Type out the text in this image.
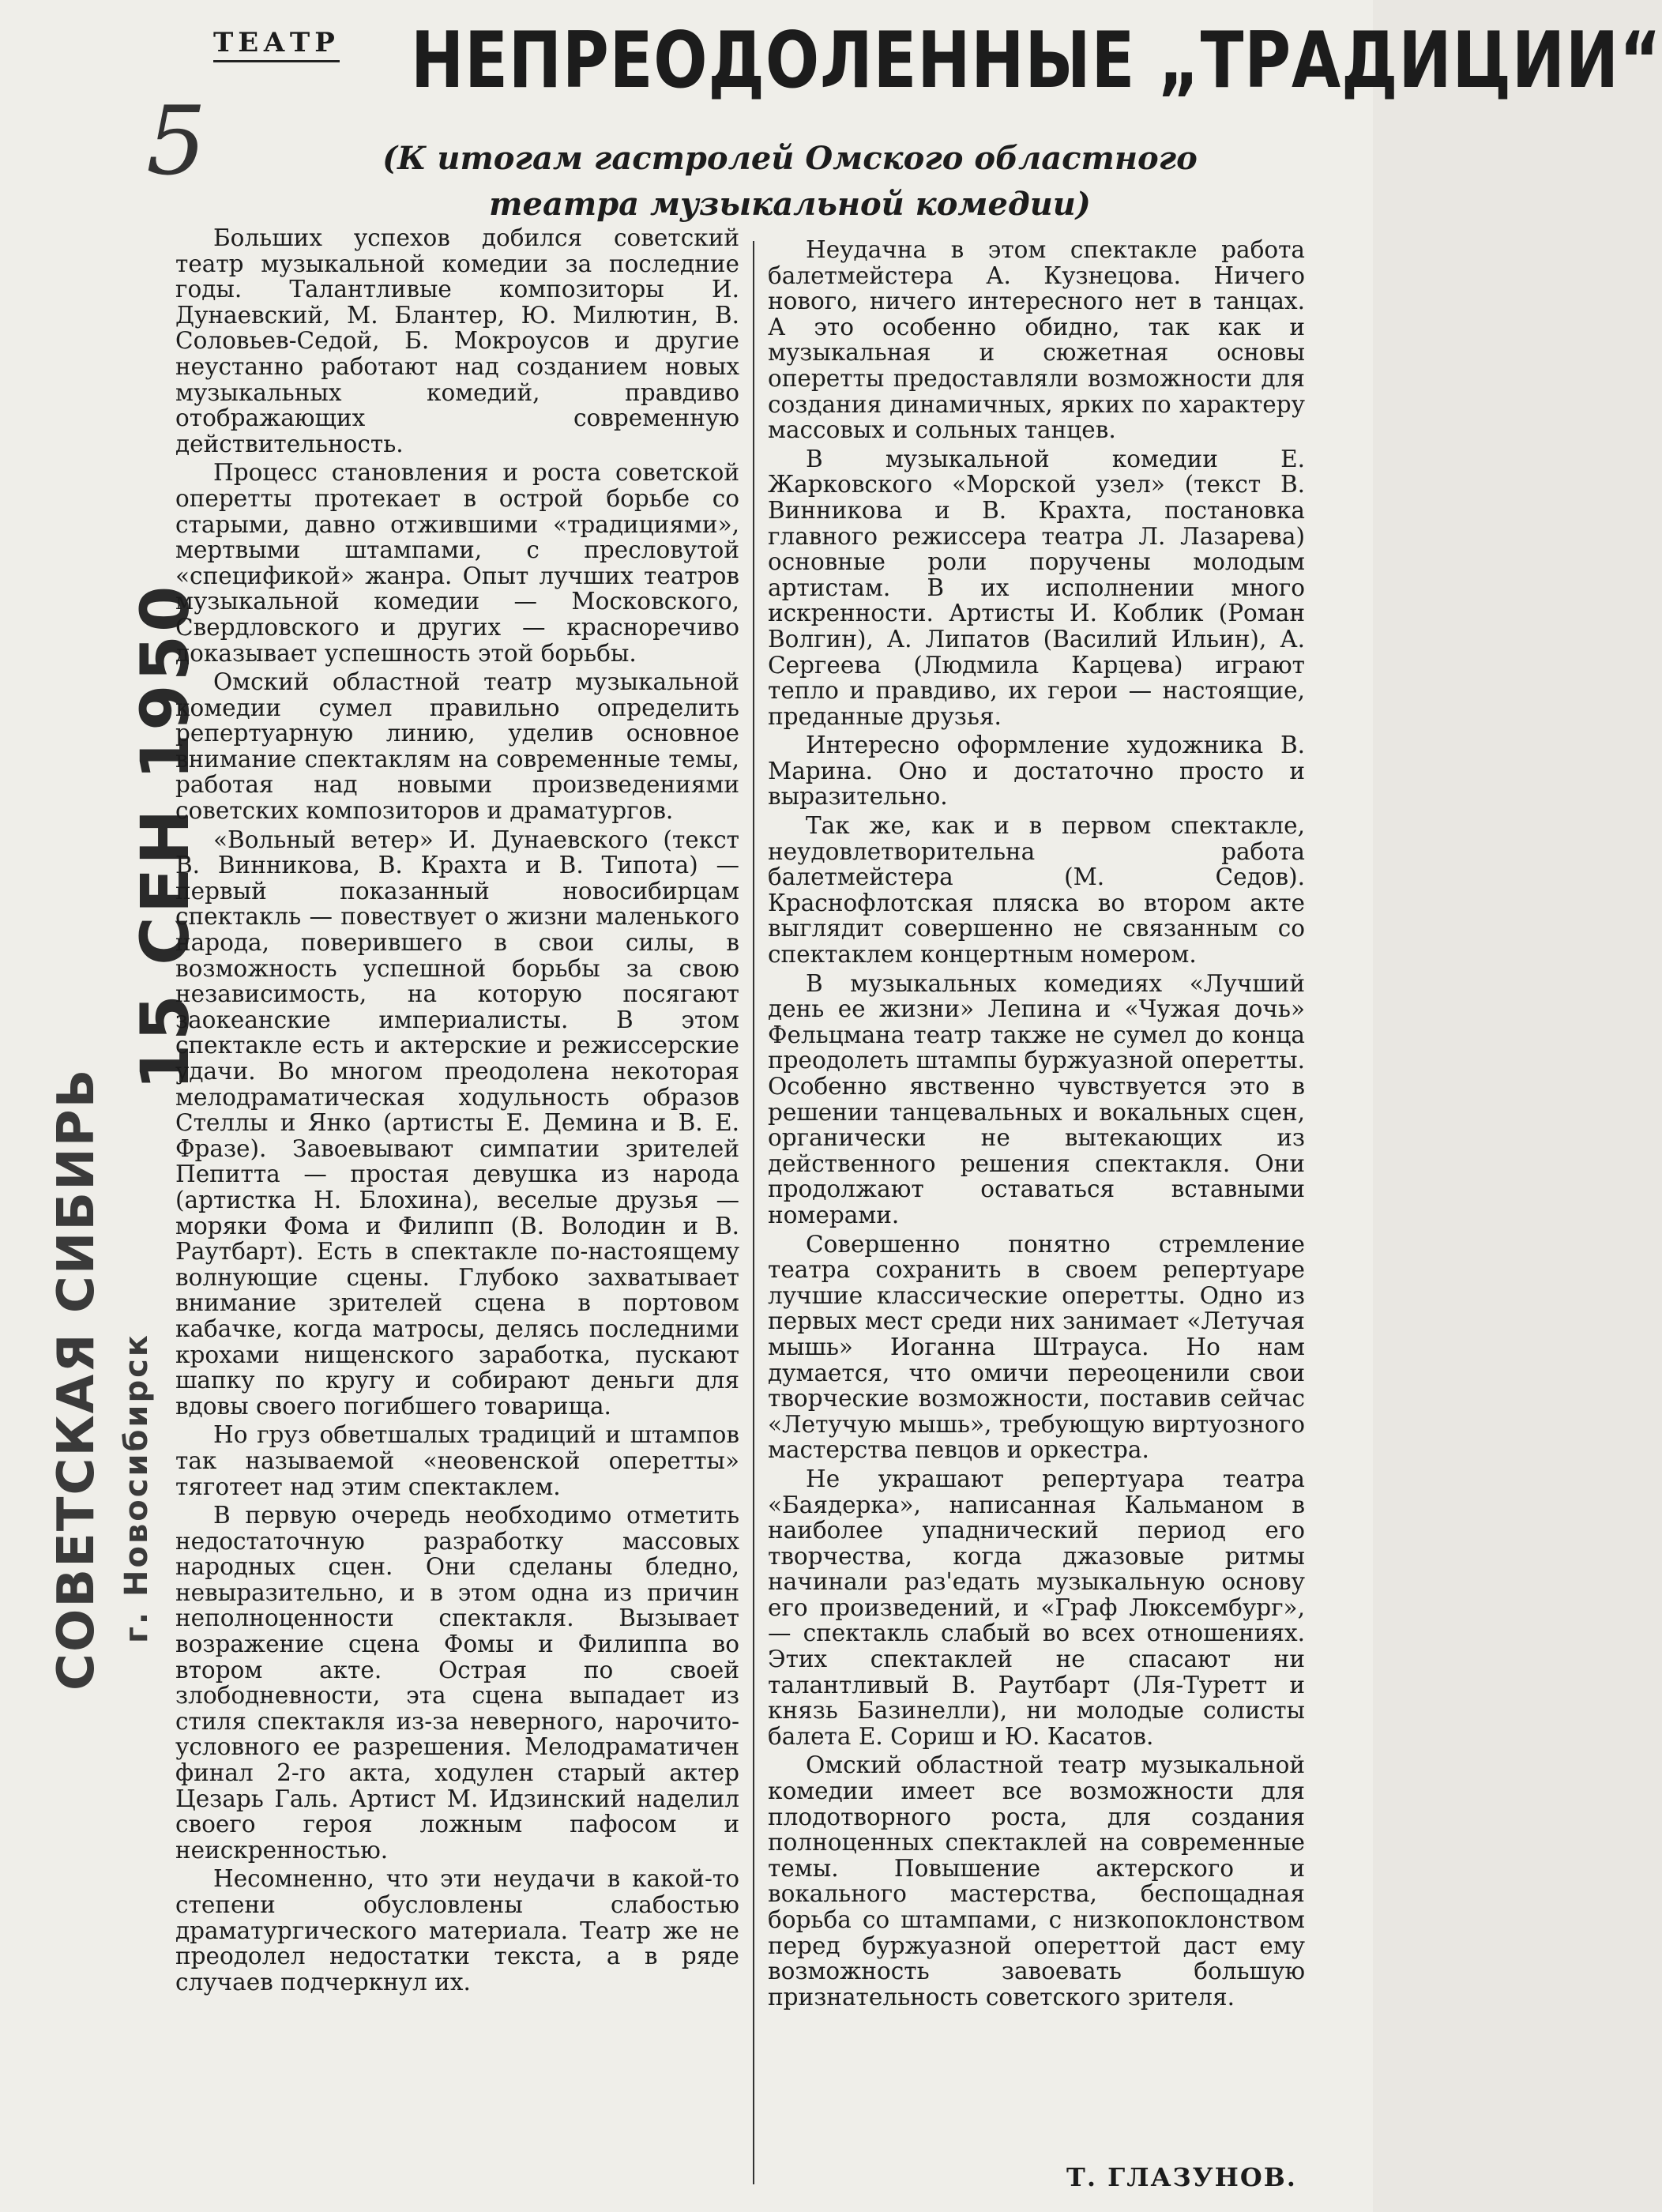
ТЕАТР НЕПРЕОДОЛЕННЫЕ „ТРАДИЦИИ“
(К итогам гастролей Омского областного театра музыкальной комедии)
5
15 СЕН 1950
СОВЕТСКАЯ СИБИРЬ г. Новосибирск

Больших успехов добился советский театр музыкальной комедии за последние годы. Талантливые композиторы И. Дунаевский, М. Блантер, Ю. Милютин, В. Соловьев-Седой, Б. Мокроусов и другие неустанно работают над созданием новых музыкальных комедий, правдиво отображающих современную действительность.

Процесс становления и роста советской оперетты протекает в острой борьбе со старыми, давно отжившими «традициями», мертвыми штампами, с пресловутой «спецификой» жанра. Опыт лучших театров музыкальной комедии — Московского, Свердловского и других — красноречиво доказывает успешность этой борьбы.

Омский областной театр музыкальной комедии сумел правильно определить репертуарную линию, уделив основное внимание спектаклям на современные темы, работая над новыми произведениями советских композиторов и драматургов.

«Вольный ветер» И. Дунаевского (текст В. Винникова, В. Крахта и В. Типота) — первый показанный новосибирцам спектакль — повествует о жизни маленького народа, поверившего в свои силы, в возможность успешной борьбы за свою независимость, на которую посягают заокеанские империалисты. В этом спектакле есть и актерские и режиссерские удачи. Во многом преодолена некоторая мелодраматическая ходульность образов Стеллы и Янко (артисты Е. Демина и В. Е. Фразе). Завоевывают симпатии зрителей Пепитта — простая девушка из народа (артистка Н. Блохина), веселые друзья — моряки Фома и Филипп (В. Володин и В. Раутбарт). Есть в спектакле по-настоящему волнующие сцены. Глубоко захватывает внимание зрителей сцена в портовом кабачке, когда матросы, делясь последними крохами нищенского заработка, пускают шапку по кругу и собирают деньги для вдовы своего погибшего товарища.

Но груз обветшалых традиций и штампов так называемой «неовенской оперетты» тяготеет над этим спектаклем.

В первую очередь необходимо отметить недостаточную разработку массовых народных сцен. Они сделаны бледно, невыразительно, и в этом одна из причин неполноценности спектакля. Вызывает возражение сцена Фомы и Филиппа во втором акте. Острая по своей злободневности, эта сцена выпадает из стиля спектакля из-за неверного, нарочито-условного ее разрешения. Мелодраматичен финал 2-го акта, ходулен старый актер Цезарь Галь. Артист М. Идзинский наделил своего героя ложным пафосом и неискренностью.

Несомненно, что эти неудачи в какой-то степени обусловлены слабостью драматургического материала. Театр же не преодолел недостатки текста, а в ряде случаев подчеркнул их.

Неудачна в этом спектакле работа балетмейстера А. Кузнецова. Ничего нового, ничего интересного нет в танцах. А это особенно обидно, так как и музыкальная и сюжетная основы оперетты предоставляли возможности для создания динамичных, ярких по характеру массовых и сольных танцев.

В музыкальной комедии Е. Жарковского «Морской узел» (текст В. Винникова и В. Крахта, постановка главного режиссера театра Л. Лазарева) основные роли поручены молодым артистам. В их исполнении много искренности. Артисты И. Коблик (Роман Волгин), А. Липатов (Василий Ильин), А. Сергеева (Людмила Карцева) играют тепло и правдиво, их герои — настоящие, преданные друзья.

Интересно оформление художника В. Марина. Оно и достаточно просто и выразительно.

Так же, как и в первом спектакле, неудовлетворительна работа балетмейстера (М. Седов). Краснофлотская пляска во втором акте выглядит совершенно не связанным со спектаклем концертным номером.

В музыкальных комедиях «Лучший день ее жизни» Лепина и «Чужая дочь» Фельцмана театр также не сумел до конца преодолеть штампы буржуазной оперетты. Особенно явственно чувствуется это в решении танцевальных и вокальных сцен, органически не вытекающих из действенного решения спектакля. Они продолжают оставаться вставными номерами.

Совершенно понятно стремление театра сохранить в своем репертуаре лучшие классические оперетты. Одно из первых мест среди них занимает «Летучая мышь» Иоганна Штрауса. Но нам думается, что омичи переоценили свои творческие возможности, поставив сейчас «Летучую мышь», требующую виртуозного мастерства певцов и оркестра.

Не украшают репертуара театра «Баядерка», написанная Кальманом в наиболее упаднический период его творчества, когда джазовые ритмы начинали раз'едать музыкальную основу его произведений, и «Граф Люксембург», — спектакль слабый во всех отношениях. Этих спектаклей не спасают ни талантливый В. Раутбарт (Ля-Туретт и князь Базинелли), ни молодые солисты балета Е. Сориш и Ю. Касатов.

Омский областной театр музыкальной комедии имеет все возможности для плодотворного роста, для создания полноценных спектаклей на современные темы. Повышение актерского и вокального мастерства, беспощадная борьба со штампами, с низкопоклонством перед буржуазной опереттой даст ему возможность завоевать большую признательность советского зрителя.

Т. ГЛАЗУНОВ.
